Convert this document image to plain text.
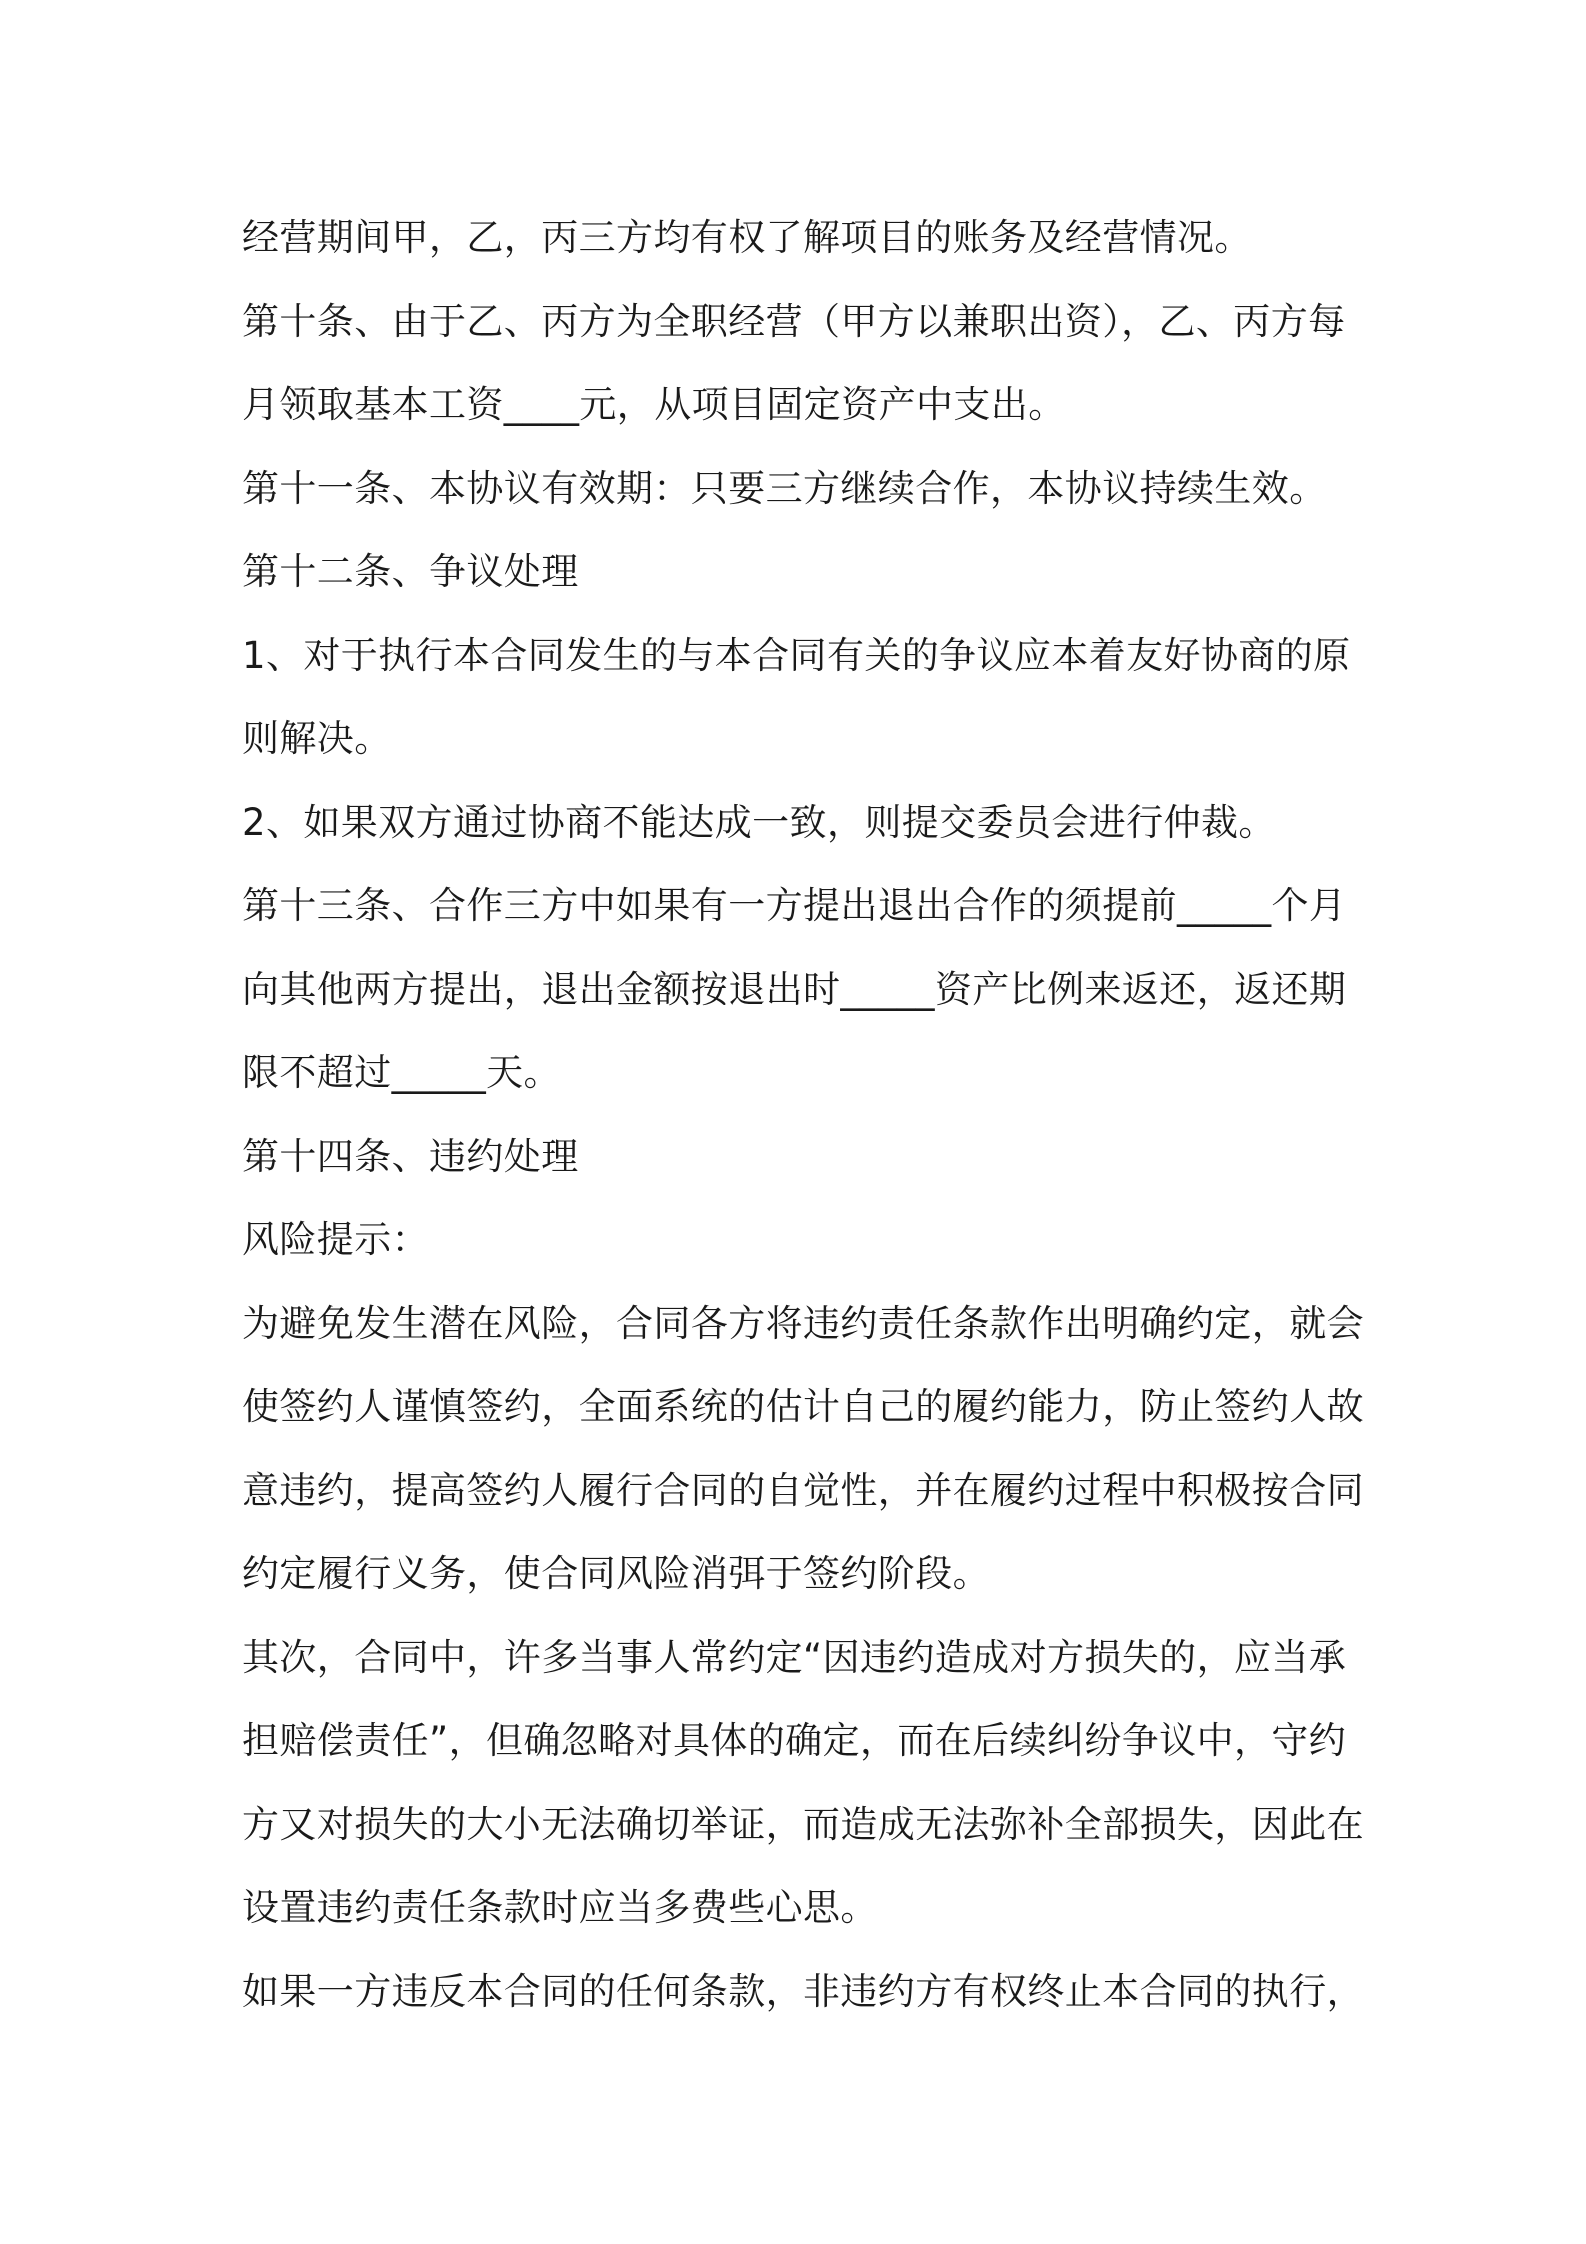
经营期间甲，乙，丙三方均有权了解项目的账务及经营情况。
第十条、由于乙、丙方为全职经营（甲方以兼职出资），乙、丙方每
月领取基本工资____元，从项目固定资产中支出。
第十一条、本协议有效期：只要三方继续合作，本协议持续生效。
第十二条、争议处理
1、对于执行本合同发生的与本合同有关的争议应本着友好协商的原
则解决。
2、如果双方通过协商不能达成一致，则提交委员会进行仲裁。
第十三条、合作三方中如果有一方提出退出合作的须提前_____个月
向其他两方提出，退出金额按退出时_____资产比例来返还，返还期
限不超过_____天。
第十四条、违约处理
风险提示：
为避免发生潜在风险，合同各方将违约责任条款作出明确约定，就会
使签约人谨慎签约，全面系统的估计自己的履约能力，防止签约人故
意违约，提高签约人履行合同的自觉性，并在履约过程中积极按合同
约定履行义务，使合同风险消弭于签约阶段。
其次，合同中，许多当事人常约定“因违约造成对方损失的，应当承
担赔偿责任”，但确忽略对具体的确定，而在后续纠纷争议中，守约
方又对损失的大小无法确切举证，而造成无法弥补全部损失，因此在
设置违约责任条款时应当多费些心思。
如果一方违反本合同的任何条款，非违约方有权终止本合同的执行，
